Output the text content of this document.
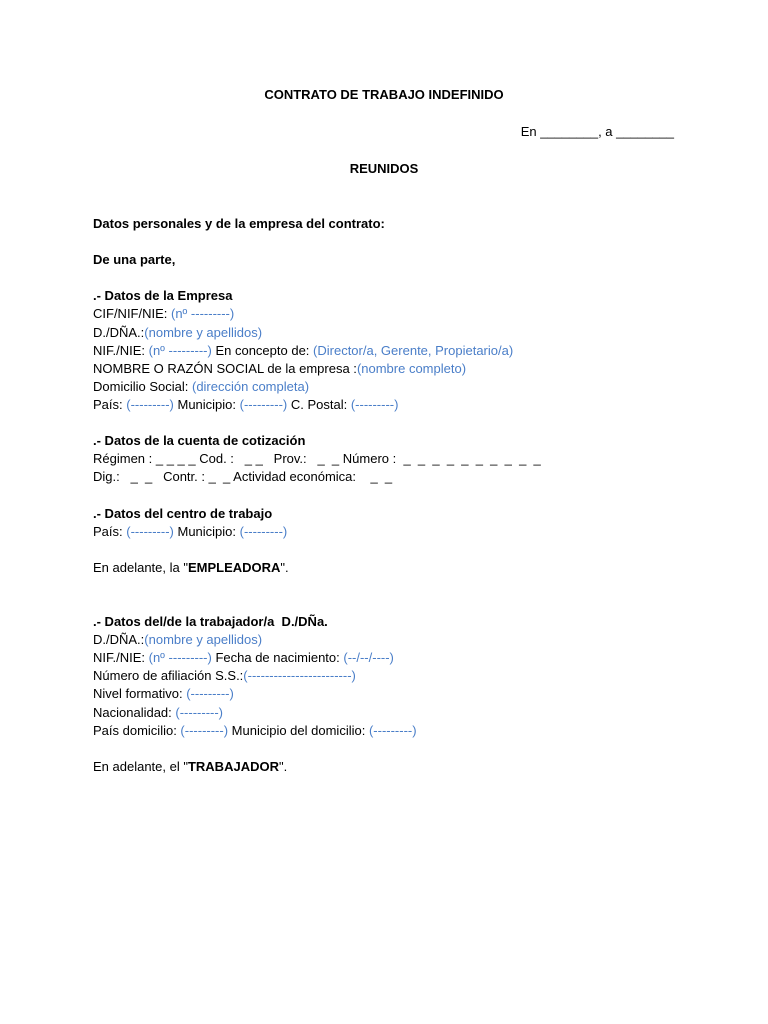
CONTRATO DE TRABAJO INDEFINIDO
En ________, a ________
REUNIDOS
Datos personales y de la empresa del contrato:
De una parte,
.- Datos de la Empresa
CIF/NIF/NIE: (nº ---------)
D./DÑA.:(nombre y apellidos)
NIF./NIE: (nº ---------) En concepto de: (Director/a, Gerente, Propietario/a)
NOMBRE O RAZÓN SOCIAL de la empresa :(nombre completo)
Domicilio Social: (dirección completa)
País: (---------) Municipio: (---------) C. Postal: (---------)
.- Datos de la cuenta de cotización
Régimen : _ _ _ _ Cod. :   _ _   Prov.:   _  _ Número :  _  _  _  _  _  _  _  _  _  _
Dig.:   _  _   Contr. : _  _ Actividad económica:    _  _
.- Datos del centro de trabajo
País: (---------) Municipio: (---------)
En adelante, la "EMPLEADORA".
.- Datos del/de la trabajador/a  D./DÑa.
D./DÑA.:(nombre y apellidos)
NIF./NIE: (nº ---------) Fecha de nacimiento: (--/--/----)
Número de afiliación S.S.:(------------------------)
Nivel formativo: (---------)
Nacionalidad: (---------)
País domicilio: (---------) Municipio del domicilio: (---------)
En adelante, el "TRABAJADOR".
